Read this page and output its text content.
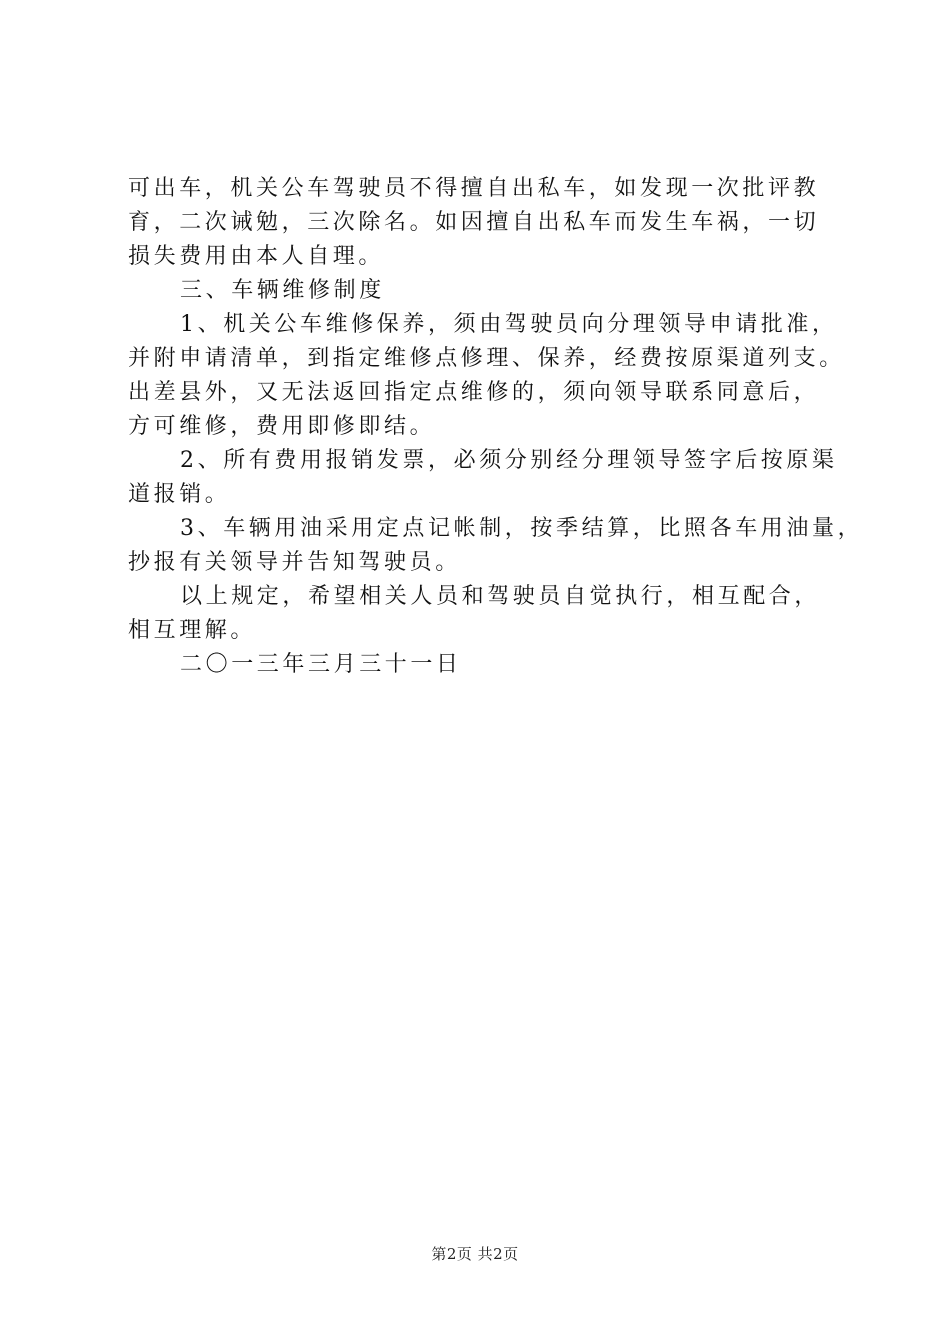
可出车，机关公车驾驶员不得擅自出私车，如发现一次批评教
育，二次诫勉，三次除名。如因擅自出私车而发生车祸，一切
损失费用由本人自理。
三、车辆维修制度
1、机关公车维修保养，须由驾驶员向分理领导申请批准，
并附申请清单，到指定维修点修理、保养，经费按原渠道列支。
出差县外，又无法返回指定点维修的，须向领导联系同意后，
方可维修，费用即修即结。
2、所有费用报销发票，必须分别经分理领导签字后按原渠
道报销。
3、车辆用油采用定点记帐制，按季结算，比照各车用油量，
抄报有关领导并告知驾驶员。
以上规定，希望相关人员和驾驶员自觉执行，相互配合，
相互理解。
二〇一三年三月三十一日
第2页 共2页
